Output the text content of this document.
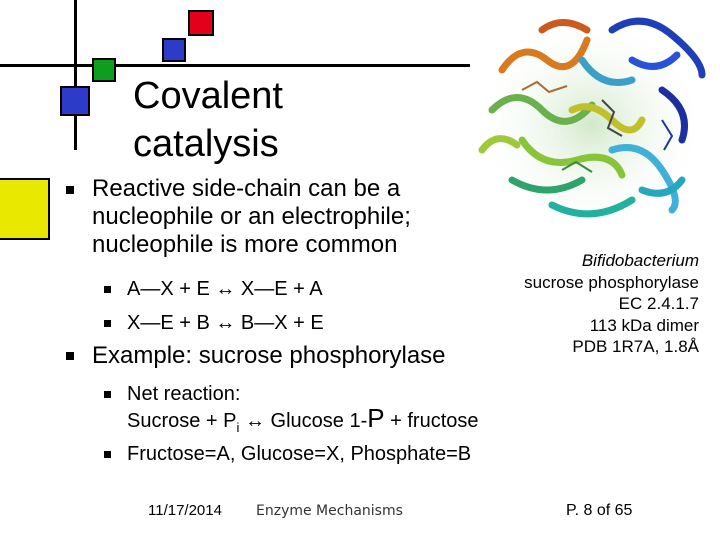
Covalent
catalysis
Reactive side-chain can be a
nucleophile or an electrophile;
nucleophile is more common
A—X + E ↔ X—E + A
X—E + B ↔ B—X + E
Example: sucrose phosphorylase
Net reaction:
Sucrose + $P_i$ ↔ Glucose 1-P + fructose
Fructose=A, Glucose=X, Phosphate=B
Bifidobacterium
sucrose phosphorylase
EC 2.4.1.7
113 kDa dimer
PDB 1R7A, 1.8Å
11/17/2014 Enzyme Mechanisms	P. 8 of 65
